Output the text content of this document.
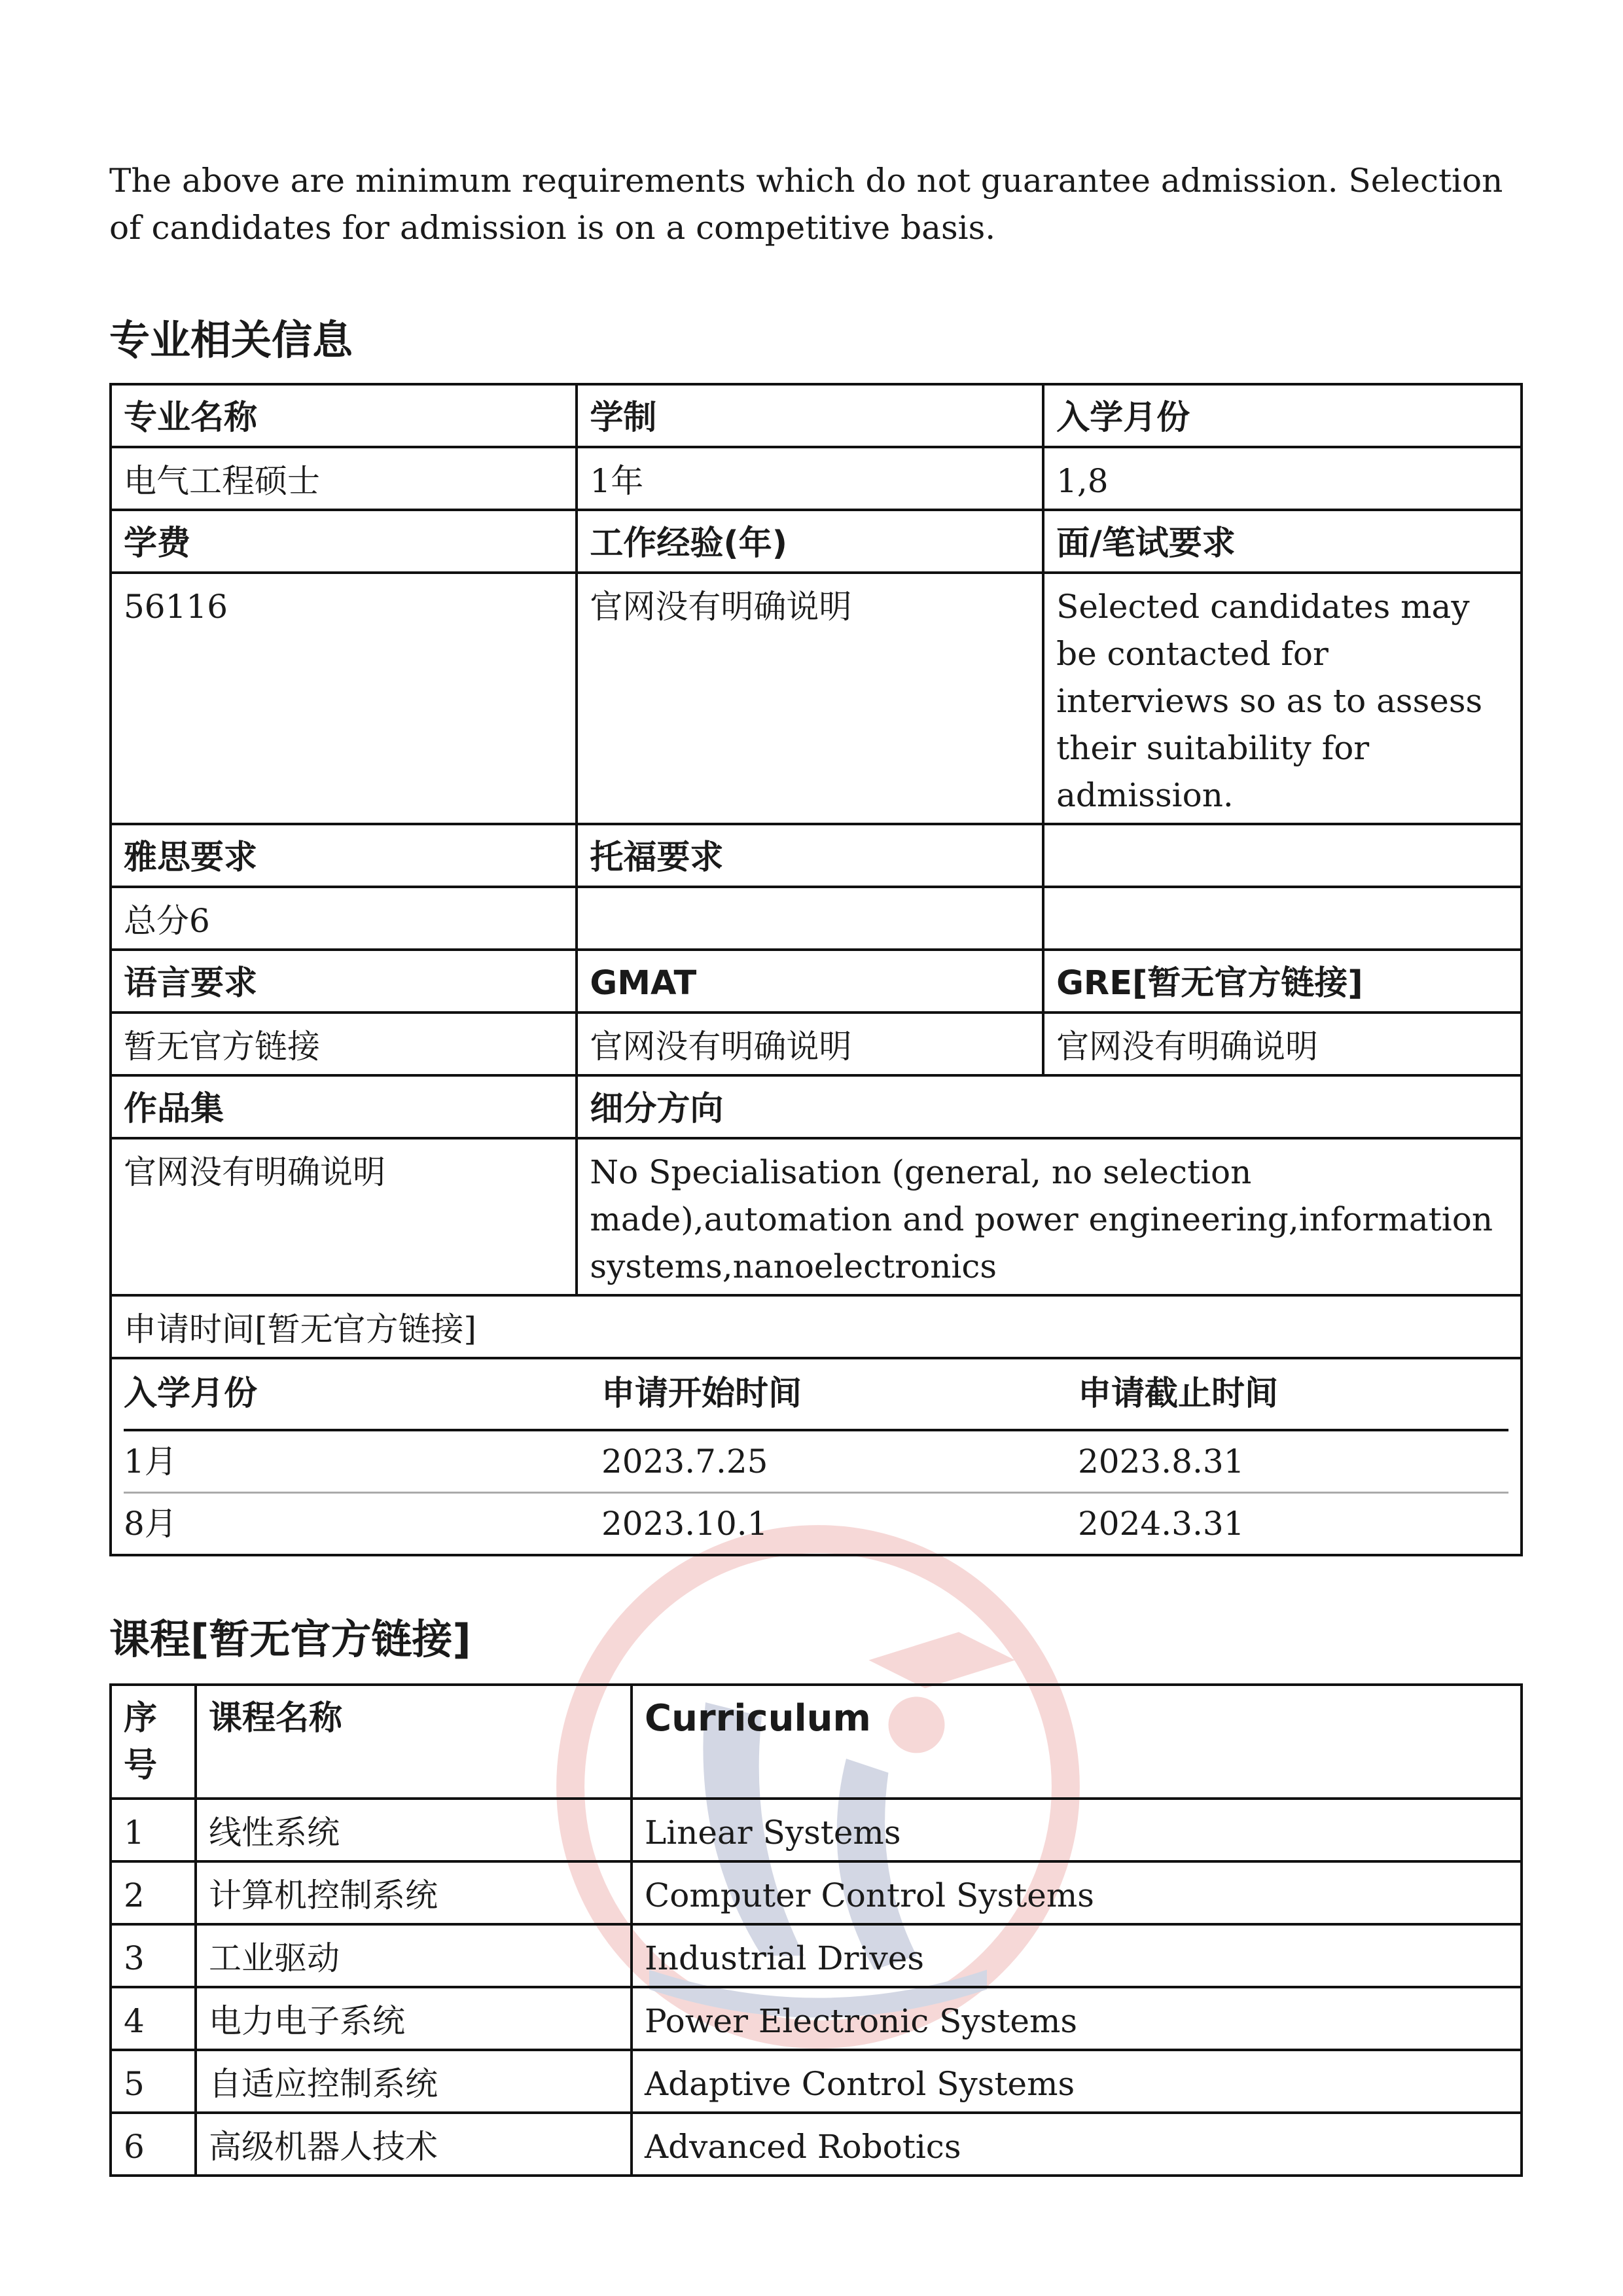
The above are minimum requirements which do not guarantee admission. Selection of candidates for admission is on a competitive basis.

专业相关信息
专业名称	学制	入学月份
电气工程硕士	1年	1,8
学费	工作经验(年)	面/笔试要求
56116	官网没有明确说明	Selected candidates may be contacted for interviews so as to assess their suitability for admission.
雅思要求	托福要求	
总分6		
语言要求	GMAT	GRE[暂无官方链接]
暂无官方链接	官网没有明确说明	官网没有明确说明
作品集	细分方向
官网没有明确说明	No Specialisation (general, no selection made),automation and power engineering,information systems,nanoelectronics
申请时间[暂无官方链接]

入学月份	申请开始时间	申请截止时间
1月	2023.7.25	2023.8.31
8月	2023.10.1	2024.3.31
课程[暂无官方链接]
序号	课程名称	Curriculum
1	线性系统	Linear Systems
2	计算机控制系统	Computer Control Systems
3	工业驱动	Industrial Drives
4	电力电子系统	Power Electronic Systems
5	自适应控制系统	Adaptive Control Systems
6	高级机器人技术	Advanced Robotics
